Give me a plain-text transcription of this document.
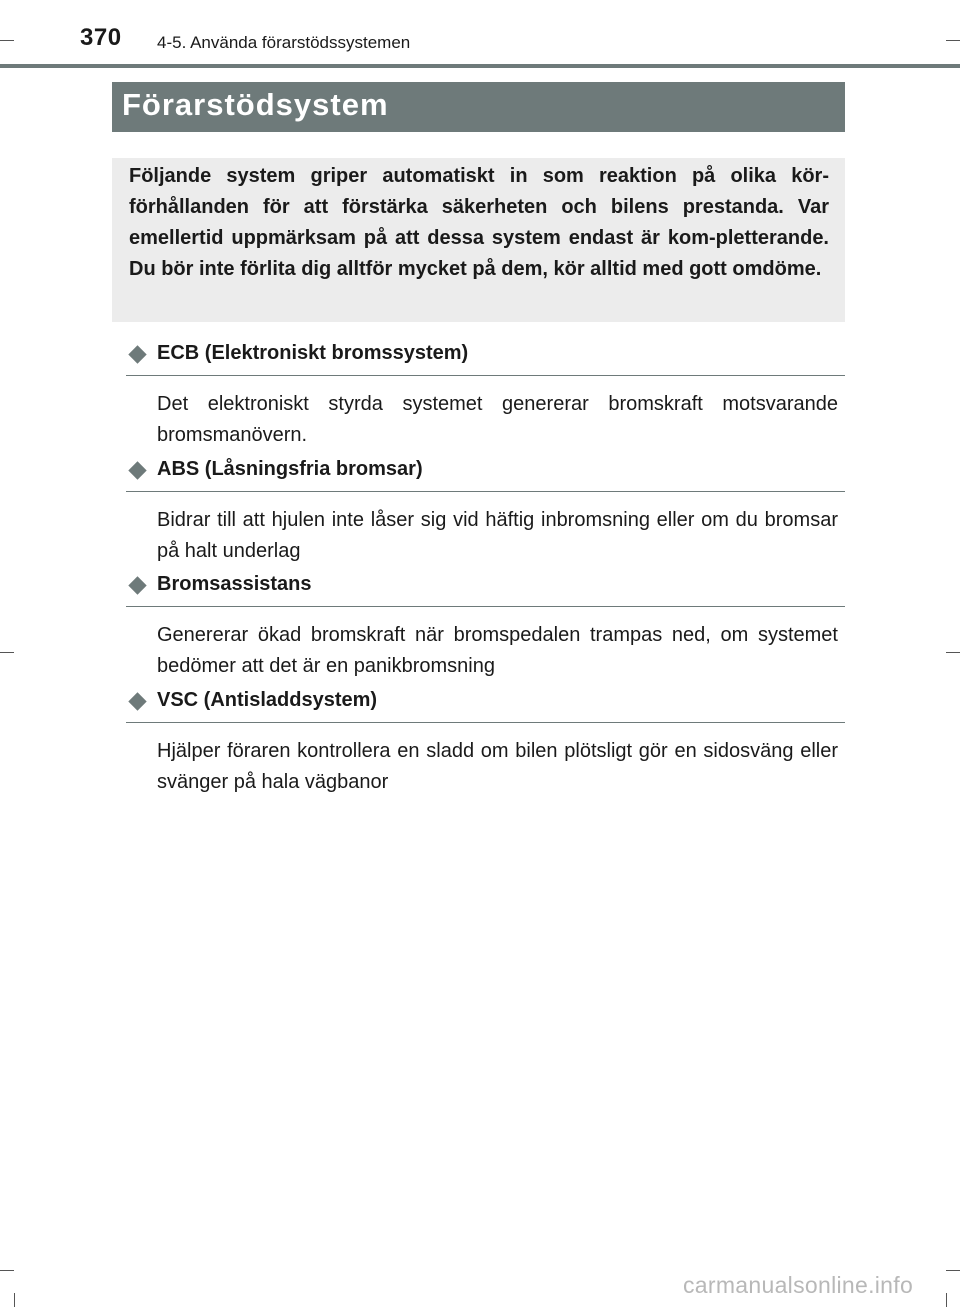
370 4-5. Använda förarstödssystemen
Förarstödsystem
Följande system griper automatiskt in som reaktion på olika kör-förhållanden för att förstärka säkerheten och bilens prestanda. Var emellertid uppmärksam på att dessa system endast är kom-pletterande. Du bör inte förlita dig alltför mycket på dem, kör alltid med gott omdöme.
ECB (Elektroniskt bromssystem)
Det elektroniskt styrda systemet genererar bromskraft motsvarande bromsmanövern.
ABS (Låsningsfria bromsar)
Bidrar till att hjulen inte låser sig vid häftig inbromsning eller om du bromsar på halt underlag
Bromsassistans
Genererar ökad bromskraft när bromspedalen trampas ned, om systemet bedömer att det är en panikbromsning
VSC (Antisladdsystem)
Hjälper föraren kontrollera en sladd om bilen plötsligt gör en sidosväng eller svänger på hala vägbanor
carmanualsonline.info
